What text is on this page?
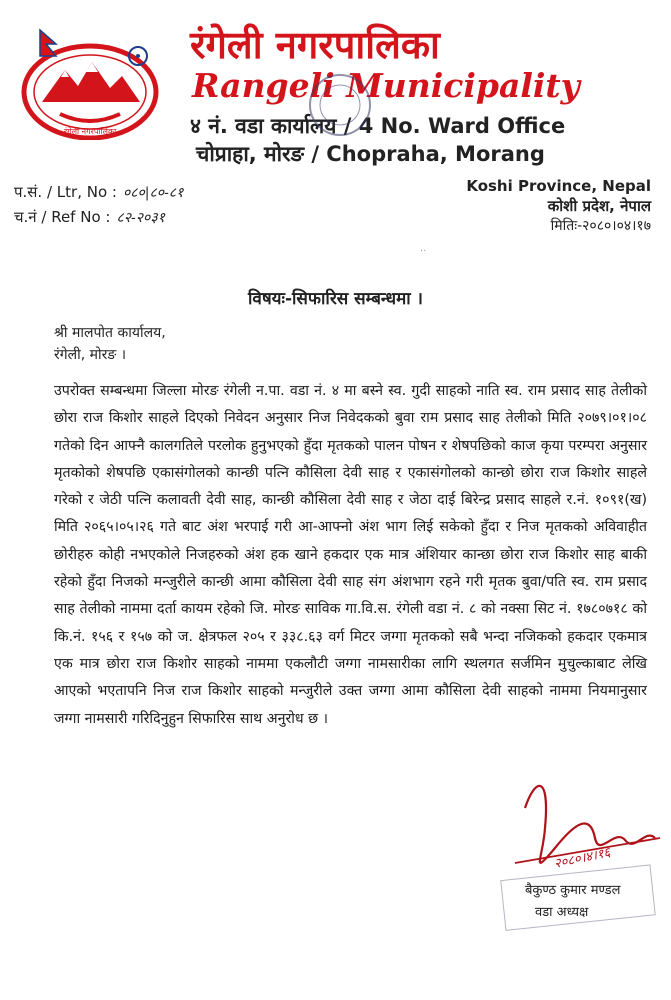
रंगेली नगरपालिका
रंगेली नगरपालिका
Rangeli Municipality
४ नं. वडा कार्यालय / 4 No. Ward Office
चोप्राहा, मोरङ / Chopraha, Morang
प.सं. / Ltr, No : ०८०|८०-८१
च.नं / Ref No : ८२-२०३१
Koshi Province, Nepal
कोशी प्रदेश, नेपाल
मितिः-२०८०।०४।१७
··
विषयः-सिफारिस सम्बन्धमा ।
श्री मालपोत कार्यालय,
रंगेली, मोरङ ।
उपरोक्त सम्बन्धमा जिल्ला मोरङ रंगेली न.पा. वडा नं. ४ मा बस्ने स्व. गुदी साहको नाति स्व. राम प्रसाद साह तेलीको छोरा राज किशोर साहले दिएको निवेदन अनुसार निज निवेदकको बुवा राम प्रसाद साह तेलीको मिति २०७९।०१।०८ गतेको दिन आफ्नै कालगतिले परलोक हुनुभएको हुँदा मृतकको पालन पोषन र शेषपछिको काज कृया परम्परा अनुसार मृतकोको शेषपछि एकासंगोलको कान्छी पत्नि कौसिला देवी साह र एकासंगोलको कान्छो छोरा राज किशोर साहले गरेको र जेठी पत्नि कलावती देवी साह, कान्छी कौसिला देवी साह र जेठा दाई बिरेन्द्र प्रसाद साहले र.नं. १०९१(ख) मिति २०६५।०५।२६ गते बाट अंश भरपाई गरी आ-आफ्नो अंश भाग लिई सकेको हुँदा र निज मृतकको अविवाहीत छोरीहरु कोही नभएकोले निजहरुको अंश हक खाने हकदार एक मात्र अंशियार कान्छा छोरा राज किशोर साह बाकी रहेको हुँदा निजको मन्जुरीले कान्छी आमा कौसिला देवी साह संग अंशभाग रहने गरी मृतक बुवा/पति स्व. राम प्रसाद साह तेलीको नाममा दर्ता कायम रहेको जि. मोरङ साविक गा.वि.स. रंगेली वडा नं. ८ को नक्सा सिट नं. १७८०७१८ को कि.नं. १५६ र १५७ को ज. क्षेत्रफल २०५ र ३३८.६३ वर्ग मिटर जग्गा मृतकको सबै भन्दा नजिकको हकदार एकमात्र एक मात्र छोरा राज किशोर साहको नाममा एकलौटी जग्गा नामसारीका लागि स्थलगत सर्जमिन मुचुल्काबाट लेखि आएको भएतापनि निज राज किशोर साहको मन्जुरीले उक्त जग्गा आमा कौसिला देवी साहको नाममा नियमानुसार जग्गा नामसारी गरिदिनुहुन सिफारिस साथ अनुरोध छ ।
२०८०।४।१६
बैकुण्ठ कुमार मण्डल
वडा अध्यक्ष
